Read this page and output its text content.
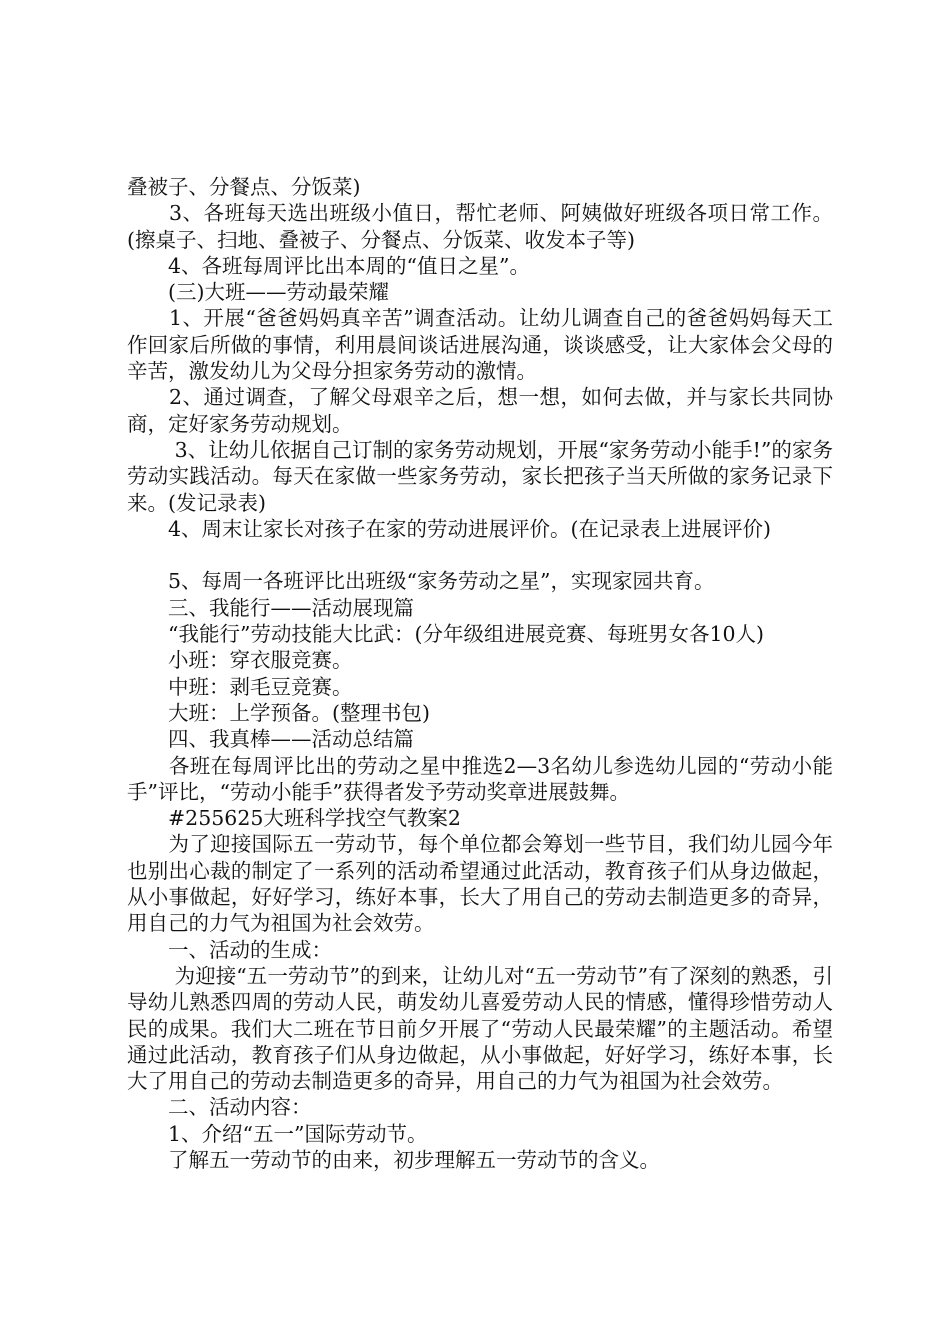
叠被子、分餐点、分饭菜)

　　3、各班每天选出班级小值日，帮忙老师、阿姨做好班级各项日常工作。(擦桌子、扫地、叠被子、分餐点、分饭菜、收发本子等)

　　4、各班每周评比出本周的“值日之星”。

　　(三)大班——劳动最荣耀

　　1、开展“爸爸妈妈真辛苦”调查活动。让幼儿调查自己的爸爸妈妈每天工作回家后所做的事情，利用晨间谈话进展沟通，谈谈感受，让大家体会父母的辛苦，激发幼儿为父母分担家务劳动的激情。

　　2、通过调查，了解父母艰辛之后，想一想，如何去做，并与家长共同协商，定好家务劳动规划。

　　 3、让幼儿依据自己订制的家务劳动规划，开展“家务劳动小能手!”的家务劳动实践活动。每天在家做一些家务劳动，家长把孩子当天所做的家务记录下来。(发记录表)

　　4、周末让家长对孩子在家的劳动进展评价。(在记录表上进展评价)

　　5、每周一各班评比出班级“家务劳动之星”，实现家园共育。

　　三、我能行——活动展现篇

　　“我能行”劳动技能大比武：(分年级组进展竞赛、每班男女各10人)

　　小班：穿衣服竞赛。

　　中班：剥毛豆竞赛。

　　大班：上学预备。(整理书包)

　　四、我真棒——活动总结篇

　　各班在每周评比出的劳动之星中推选2—3名幼儿参选幼儿园的“劳动小能手”评比，“劳动小能手”获得者发予劳动奖章进展鼓舞。

　　#255625大班科学找空气教案2

　　为了迎接国际五一劳动节，每个单位都会筹划一些节目，我们幼儿园今年也别出心裁的制定了一系列的活动希望通过此活动，教育孩子们从身边做起，从小事做起，好好学习，练好本事，长大了用自己的劳动去制造更多的奇异，用自己的力气为祖国为社会效劳。

　　一、活动的生成：

　　 为迎接“五一劳动节”的到来，让幼儿对“五一劳动节”有了深刻的熟悉，引导幼儿熟悉四周的劳动人民，萌发幼儿喜爱劳动人民的情感，懂得珍惜劳动人民的成果。我们大二班在节日前夕开展了“劳动人民最荣耀”的主题活动。希望通过此活动，教育孩子们从身边做起，从小事做起，好好学习，练好本事，长大了用自己的劳动去制造更多的奇异，用自己的力气为祖国为社会效劳。

　　二、活动内容：

　　1、介绍“五一”国际劳动节。

　　了解五一劳动节的由来，初步理解五一劳动节的含义。
